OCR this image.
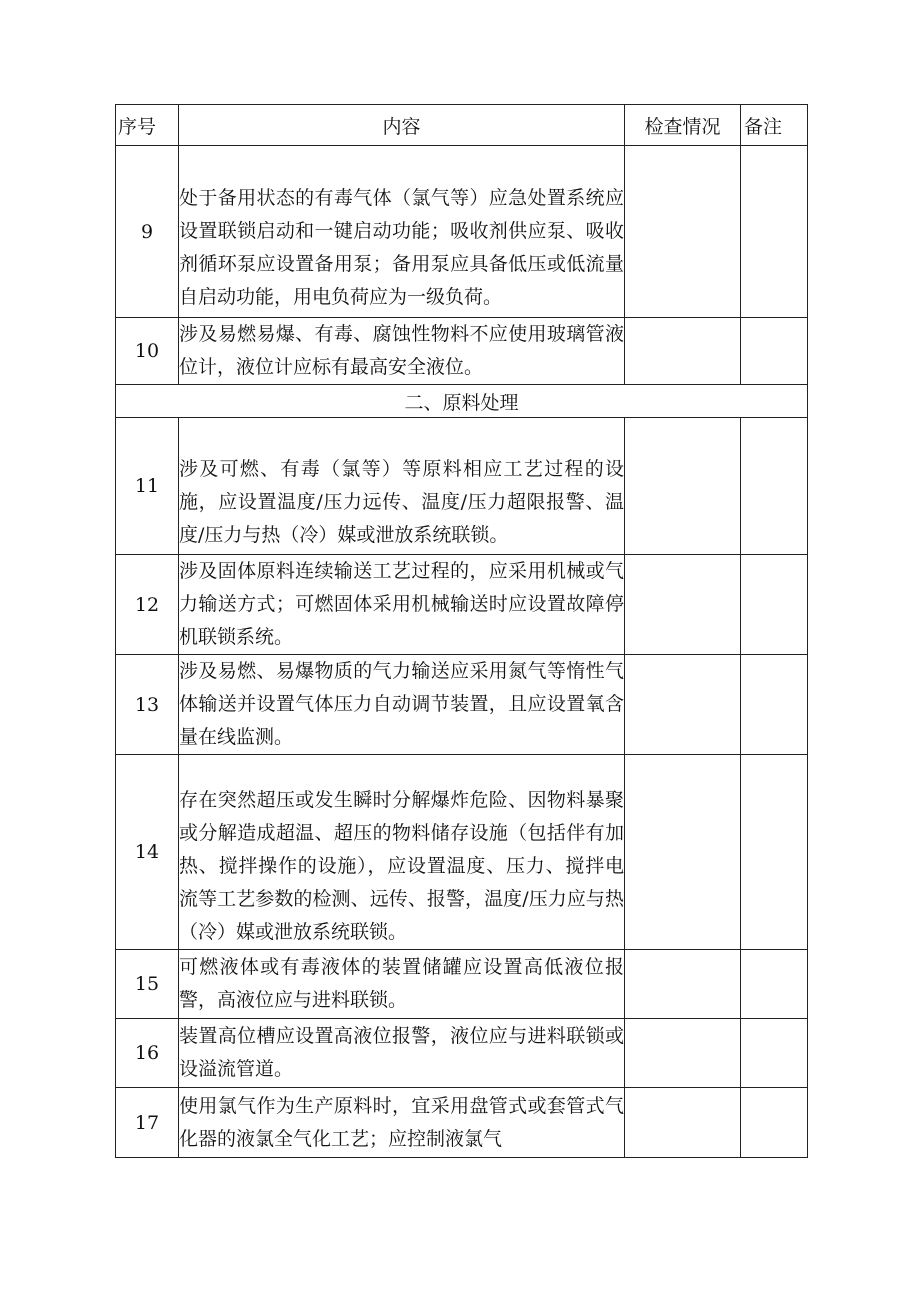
序号	内容	检查情况	备注
9	处于备用状态的有毒气体（氯气等）应急处置系统应设置联锁启动和一键启动功能；吸收剂供应泵、吸收剂循环泵应设置备用泵；备用泵应具备低压或低流量自启动功能，用电负荷应为一级负荷。		
10	涉及易燃易爆、有毒、腐蚀性物料不应使用玻璃管液位计，液位计应标有最高安全液位。		
二、原料处理			
11	涉及可燃、有毒（氯等）等原料相应工艺过程的设施，应设置温度/压力远传、温度/压力超限报警、温度/压力与热（冷）媒或泄放系统联锁。		
12	涉及固体原料连续输送工艺过程的，应采用机械或气力输送方式；可燃固体采用机械输送时应设置故障停机联锁系统。		
13	涉及易燃、易爆物质的气力输送应采用氮气等惰性气体输送并设置气体压力自动调节装置，且应设置氧含量在线监测。		
14	存在突然超压或发生瞬时分解爆炸危险、因物料暴聚或分解造成超温、超压的物料储存设施（包括伴有加热、搅拌操作的设施），应设置温度、压力、搅拌电流等工艺参数的检测、远传、报警，温度/压力应与热（冷）媒或泄放系统联锁。		
15	可燃液体或有毒液体的装置储罐应设置高低液位报警，高液位应与进料联锁。		
16	装置高位槽应设置高液位报警，液位应与进料联锁或设溢流管道。		
17	使用氯气作为生产原料时，宜采用盘管式或套管式气化器的液氯全气化工艺；应控制液氯气		
